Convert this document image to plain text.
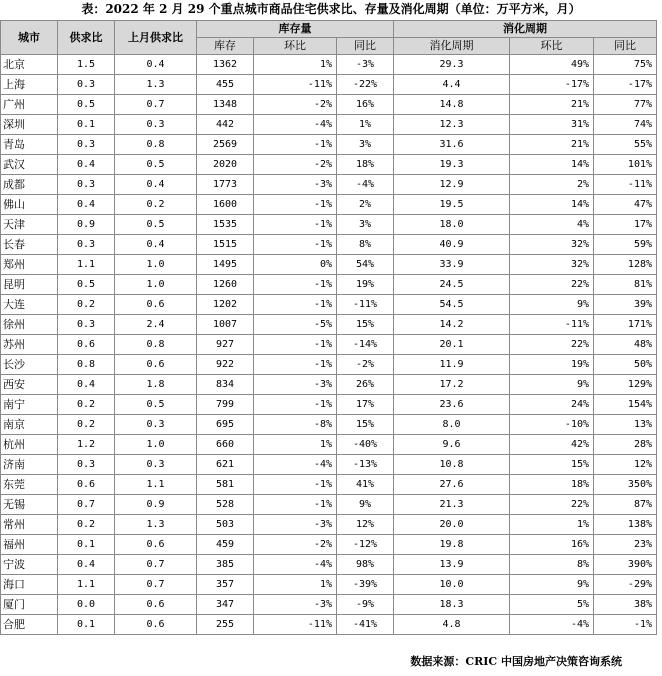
表：2022 年 2 月 29 个重点城市商品住宅供求比、存量及消化周期（单位：万平方米，月）
城市	供求比	上月供求比	库存量			消化周期		
			库存	环比	同比	消化周期	环比	同比
北京	1.5	0.4	1362	1%	-3%	29.3	49%	75%
上海	0.3	1.3	455	-11%	-22%	4.4	-17%	-17%
广州	0.5	0.7	1348	-2%	16%	14.8	21%	77%
深圳	0.1	0.3	442	-4%	1%	12.3	31%	74%
青岛	0.3	0.8	2569	-1%	3%	31.6	21%	55%
武汉	0.4	0.5	2020	-2%	18%	19.3	14%	101%
成都	0.3	0.4	1773	-3%	-4%	12.9	2%	-11%
佛山	0.4	0.2	1600	-1%	2%	19.5	14%	47%
天津	0.9	0.5	1535	-1%	3%	18.0	4%	17%
长春	0.3	0.4	1515	-1%	8%	40.9	32%	59%
郑州	1.1	1.0	1495	0%	54%	33.9	32%	128%
昆明	0.5	1.0	1260	-1%	19%	24.5	22%	81%
大连	0.2	0.6	1202	-1%	-11%	54.5	9%	39%
徐州	0.3	2.4	1007	-5%	15%	14.2	-11%	171%
苏州	0.6	0.8	927	-1%	-14%	20.1	22%	48%
长沙	0.8	0.6	922	-1%	-2%	11.9	19%	50%
西安	0.4	1.8	834	-3%	26%	17.2	9%	129%
南宁	0.2	0.5	799	-1%	17%	23.6	24%	154%
南京	0.2	0.3	695	-8%	15%	8.0	-10%	13%
杭州	1.2	1.0	660	1%	-40%	9.6	42%	28%
济南	0.3	0.3	621	-4%	-13%	10.8	15%	12%
东莞	0.6	1.1	581	-1%	41%	27.6	18%	350%
无锡	0.7	0.9	528	-1%	9%	21.3	22%	87%
常州	0.2	1.3	503	-3%	12%	20.0	1%	138%
福州	0.1	0.6	459	-2%	-12%	19.8	16%	23%
宁波	0.4	0.7	385	-4%	98%	13.9	8%	390%
海口	1.1	0.7	357	1%	-39%	10.0	9%	-29%
厦门	0.0	0.6	347	-3%	-9%	18.3	5%	38%
合肥	0.1	0.6	255	-11%	-41%	4.8	-4%	-1%
数据来源：CRIC 中国房地产决策咨询系统
